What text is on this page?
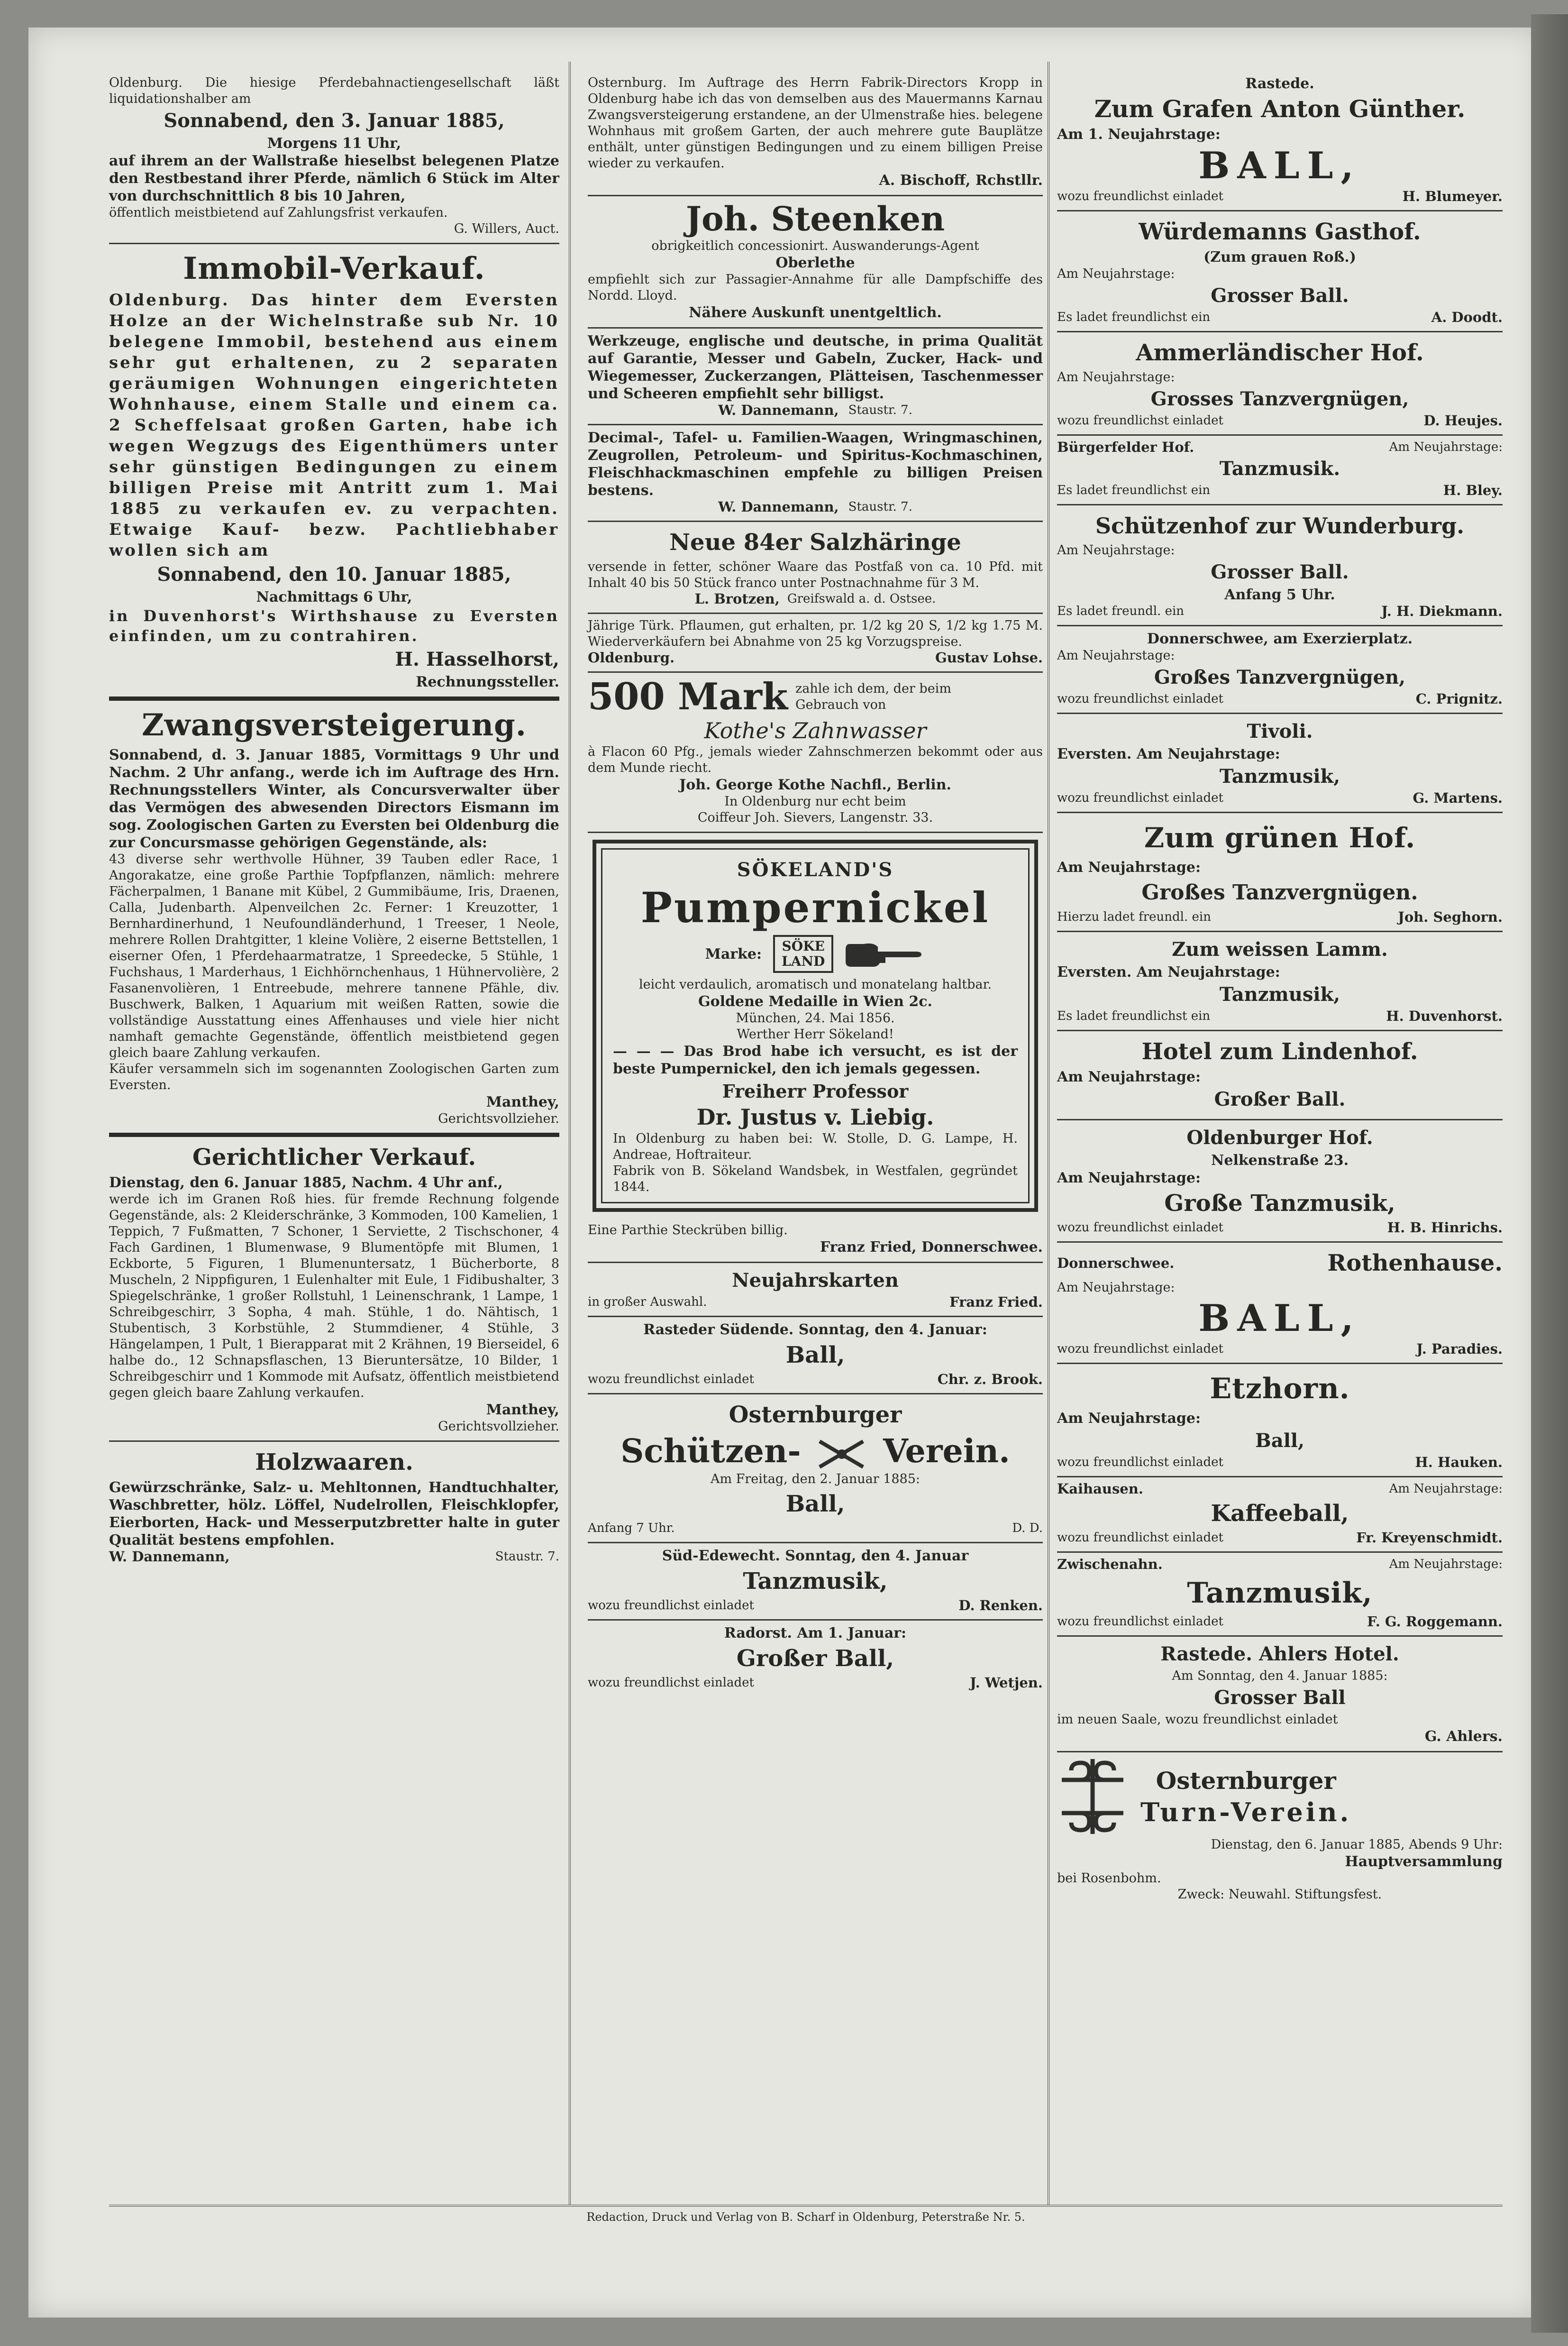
Oldenburg. Die hiesige Pferdebahnactiengesellschaft läßt liquidationshalber am

Sonnabend, den 3. Januar 1885,

Morgens 11 Uhr,

auf ihrem an der Wallstraße hieselbst belegenen Platze den Restbestand ihrer Pferde, nämlich 6 Stück im Alter von durchschnittlich 8 bis 10 Jahren,

öffentlich meistbietend auf Zahlungsfrist verkaufen.

G. Willers, Auct.

Immobil-Verkauf.

Oldenburg. Das hinter dem Eversten Holze an der Wichelnstraße sub Nr. 10 belegene Immobil, bestehend aus einem sehr gut erhaltenen, zu 2 separaten geräumigen Wohnungen eingerichteten Wohnhause, einem Stalle und einem ca. 2 Scheffelsaat großen Garten, habe ich wegen Wegzugs des Eigenthümers unter sehr günstigen Bedingungen zu einem billigen Preise mit Antritt zum 1. Mai 1885 zu verkaufen ev. zu verpachten. Etwaige Kauf- bezw. Pachtliebhaber wollen sich am

Sonnabend, den 10. Januar 1885,

Nachmittags 6 Uhr,

in Duvenhorst's Wirthshause zu Eversten einfinden, um zu contrahiren.

H. Hasselhorst,

Rechnungssteller.

Zwangsversteigerung.

Sonnabend, d. 3. Januar 1885, Vormittags 9 Uhr und Nachm. 2 Uhr anfang., werde ich im Auftrage des Hrn. Rechnungsstellers Winter, als Concursverwalter über das Vermögen des abwesenden Directors Eismann im sog. Zoologischen Garten zu Eversten bei Oldenburg die zur Concursmasse gehörigen Gegenstände, als:

43 diverse sehr werthvolle Hühner, 39 Tauben edler Race, 1 Angorakatze, eine große Parthie Topfpflanzen, nämlich: mehrere Fächerpalmen, 1 Banane mit Kübel, 2 Gummibäume, Iris, Draenen, Calla, Judenbarth. Alpenveilchen 2c. Ferner: 1 Kreuzotter, 1 Bernhardinerhund, 1 Neufoundländerhund, 1 Treeser, 1 Neole, mehrere Rollen Drahtgitter, 1 kleine Volière, 2 eiserne Bettstellen, 1 eiserner Ofen, 1 Pferdehaarmatratze, 1 Spreedecke, 5 Stühle, 1 Fuchshaus, 1 Marderhaus, 1 Eichhörnchenhaus, 1 Hühnervolière, 2 Fasanenvolièren, 1 Entreebude, mehrere tannene Pfähle, div. Buschwerk, Balken, 1 Aquarium mit weißen Ratten, sowie die vollständige Ausstattung eines Affenhauses und viele hier nicht namhaft gemachte Gegenstände, öffentlich meistbietend gegen gleich baare Zahlung verkaufen.

Käufer versammeln sich im sogenannten Zoologischen Garten zum Eversten.

Manthey,

Gerichtsvollzieher.

Gerichtlicher Verkauf.

Dienstag, den 6. Januar 1885, Nachm. 4 Uhr anf.,

werde ich im Granen Roß hies. für fremde Rechnung folgende Gegenstände, als: 2 Kleiderschränke, 3 Kommoden, 100 Kamelien, 1 Teppich, 7 Fußmatten, 7 Schoner, 1 Serviette, 2 Tischschoner, 4 Fach Gardinen, 1 Blumenwase, 9 Blumentöpfe mit Blumen, 1 Eckborte, 5 Figuren, 1 Blumenuntersatz, 1 Bücherborte, 8 Muscheln, 2 Nippfiguren, 1 Eulenhalter mit Eule, 1 Fidibushalter, 3 Spiegelschränke, 1 großer Rollstuhl, 1 Leinenschrank, 1 Lampe, 1 Schreibgeschirr, 3 Sopha, 4 mah. Stühle, 1 do. Nähtisch, 1 Stubentisch, 3 Korbstühle, 2 Stummdiener, 4 Stühle, 3 Hängelampen, 1 Pult, 1 Bierapparat mit 2 Krähnen, 19 Bierseidel, 6 halbe do., 12 Schnapsflaschen, 13 Bieruntersätze, 10 Bilder, 1 Schreibgeschirr und 1 Kommode mit Aufsatz, öffentlich meistbietend gegen gleich baare Zahlung verkaufen.

Manthey,

Gerichtsvollzieher.

Holzwaaren.

Gewürzschränke, Salz- u. Mehltonnen, Handtuchhalter, Waschbretter, hölz. Löffel, Nudelrollen, Fleischklopfer, Eierborten, Hack- und Messerputzbretter halte in guter Qualität bestens empfohlen.

W. Dannemann,	Staustr. 7.

Osternburg. Im Auftrage des Herrn Fabrik-Directors Kropp in Oldenburg habe ich das von demselben aus des Mauermanns Karnau Zwangsversteigerung erstandene, an der Ulmenstraße hies. belegene Wohnhaus mit großem Garten, der auch mehrere gute Bauplätze enthält, unter günstigen Bedingungen und zu einem billigen Preise wieder zu verkaufen.

A. Bischoff, Rchstllr.

Joh. Steenken

obrigkeitlich concessionirt. Auswanderungs-Agent

Oberlethe

empfiehlt sich zur Passagier-Annahme für alle Dampfschiffe des Nordd. Lloyd.

Nähere Auskunft unentgeltlich.

Werkzeuge, englische und deutsche, in prima Qualität auf Garantie, Messer und Gabeln, Zucker, Hack- und Wiegemesser, Zuckerzangen, Plätteisen, Taschenmesser und Scheeren empfiehlt sehr billigst.

W. Dannemann, Staustr. 7.

Decimal-, Tafel- u. Familien-Waagen, Wringmaschinen, Zeugrollen, Petroleum- und Spiritus-Kochmaschinen, Fleischhackmaschinen empfehle zu billigen Preisen bestens.

W. Dannemann, Staustr. 7.

Neue 84er Salzhäringe

versende in fetter, schöner Waare das Postfaß von ca. 10 Pfd. mit Inhalt 40 bis 50 Stück franco unter Postnachnahme für 3 M.

L. Brotzen, Greifswald a. d. Ostsee.

Jährige Türk. Pflaumen, gut erhalten, pr. 1/2 kg 20 S, 1/2 kg 1.75 M. Wiederverkäufern bei Abnahme von 25 kg Vorzugspreise.

Oldenburg.	Gustav Lohse.
500 Mark zahle ich dem, der beim Gebrauch von

Kothe's Zahnwasser

à Flacon 60 Pfg., jemals wieder Zahnschmerzen bekommt oder aus dem Munde riecht.

Joh. George Kothe Nachfl., Berlin.

In Oldenburg nur echt beim

Coiffeur Joh. Sievers, Langenstr. 33.

SÖKELAND'S

Pumpernickel

Marke: SÖKE
LAND

leicht verdaulich, aromatisch und monatelang haltbar.

Goldene Medaille in Wien 2c.

München, 24. Mai 1856.

Werther Herr Sökeland!

— — — Das Brod habe ich versucht, es ist der beste Pumpernickel, den ich jemals gegessen.

Freiherr Professor

Dr. Justus v. Liebig.

In Oldenburg zu haben bei: W. Stolle, D. G. Lampe, H. Andreae, Hoftraiteur.

Fabrik von B. Sökeland Wandsbek, in Westfalen, gegründet 1844.

Eine Parthie Steckrüben billig.

Franz Fried, Donnerschwee.

Neujahrskarten

in großer Auswahl.	Franz Fried.

Rasteder Südende. Sonntag, den 4. Januar:

Ball,

wozu freundlichst einladet	Chr. z. Brook.

Osternburger

Schützen-	Verein.

Am Freitag, den 2. Januar 1885:

Ball,

Anfang 7 Uhr.	D. D.

Süd-Edewecht. Sonntag, den 4. Januar

Tanzmusik,

wozu freundlichst einladet	D. Renken.

Radorst. Am 1. Januar:

Großer Ball,

wozu freundlichst einladet	J. Wetjen.

Rastede.

Zum Grafen Anton Günther.

Am 1. Neujahrstage:

BALL,

wozu freundlichst einladet	H. Blumeyer.

Würdemanns Gasthof.

(Zum grauen Roß.)

Am Neujahrstage:

Grosser Ball.

Es ladet freundlichst ein	A. Doodt.

Ammerländischer Hof.

Am Neujahrstage:

Grosses Tanzvergnügen,

wozu freundlichst einladet	D. Heujes.
Bürgerfelder Hof.	Am Neujahrstage:

Tanzmusik.

Es ladet freundlichst ein	H. Bley.

Schützenhof zur Wunderburg.

Am Neujahrstage:

Grosser Ball.

Anfang 5 Uhr.

Es ladet freundl. ein	J. H. Diekmann.

Donnerschwee, am Exerzierplatz.

Am Neujahrstage:

Großes Tanzvergnügen,

wozu freundlichst einladet	C. Prignitz.

Tivoli.

Eversten. Am Neujahrstage:

Tanzmusik,

wozu freundlichst einladet	G. Martens.

Zum grünen Hof.

Am Neujahrstage:

Großes Tanzvergnügen.

Hierzu ladet freundl. ein	Joh. Seghorn.

Zum weissen Lamm.

Eversten. Am Neujahrstage:

Tanzmusik,

Es ladet freundlichst ein	H. Duvenhorst.

Hotel zum Lindenhof.

Am Neujahrstage:

Großer Ball.

Oldenburger Hof.

Nelkenstraße 23.

Am Neujahrstage:

Große Tanzmusik,

wozu freundlichst einladet	H. B. Hinrichs.
Donnerschwee.	Rothenhause.

Am Neujahrstage:

BALL,

wozu freundlichst einladet	J. Paradies.

Etzhorn.

Am Neujahrstage:

Ball,

wozu freundlichst einladet	H. Hauken.
Kaihausen.	Am Neujahrstage:

Kaffeeball,

wozu freundlichst einladet	Fr. Kreyenschmidt.
Zwischenahn.	Am Neujahrstage:

Tanzmusik,

wozu freundlichst einladet	F. G. Roggemann.

Rastede. Ahlers Hotel.

Am Sonntag, den 4. Januar 1885:

Grosser Ball

im neuen Saale, wozu freundlichst einladet

G. Ahlers.

Osternburger

Turn-Verein.

Dienstag, den 6. Januar 1885, Abends 9 Uhr:

Hauptversammlung

bei Rosenbohm.

Zweck: Neuwahl. Stiftungsfest.

Redaction, Druck und Verlag von B. Scharf in Oldenburg, Peterstraße Nr. 5.
